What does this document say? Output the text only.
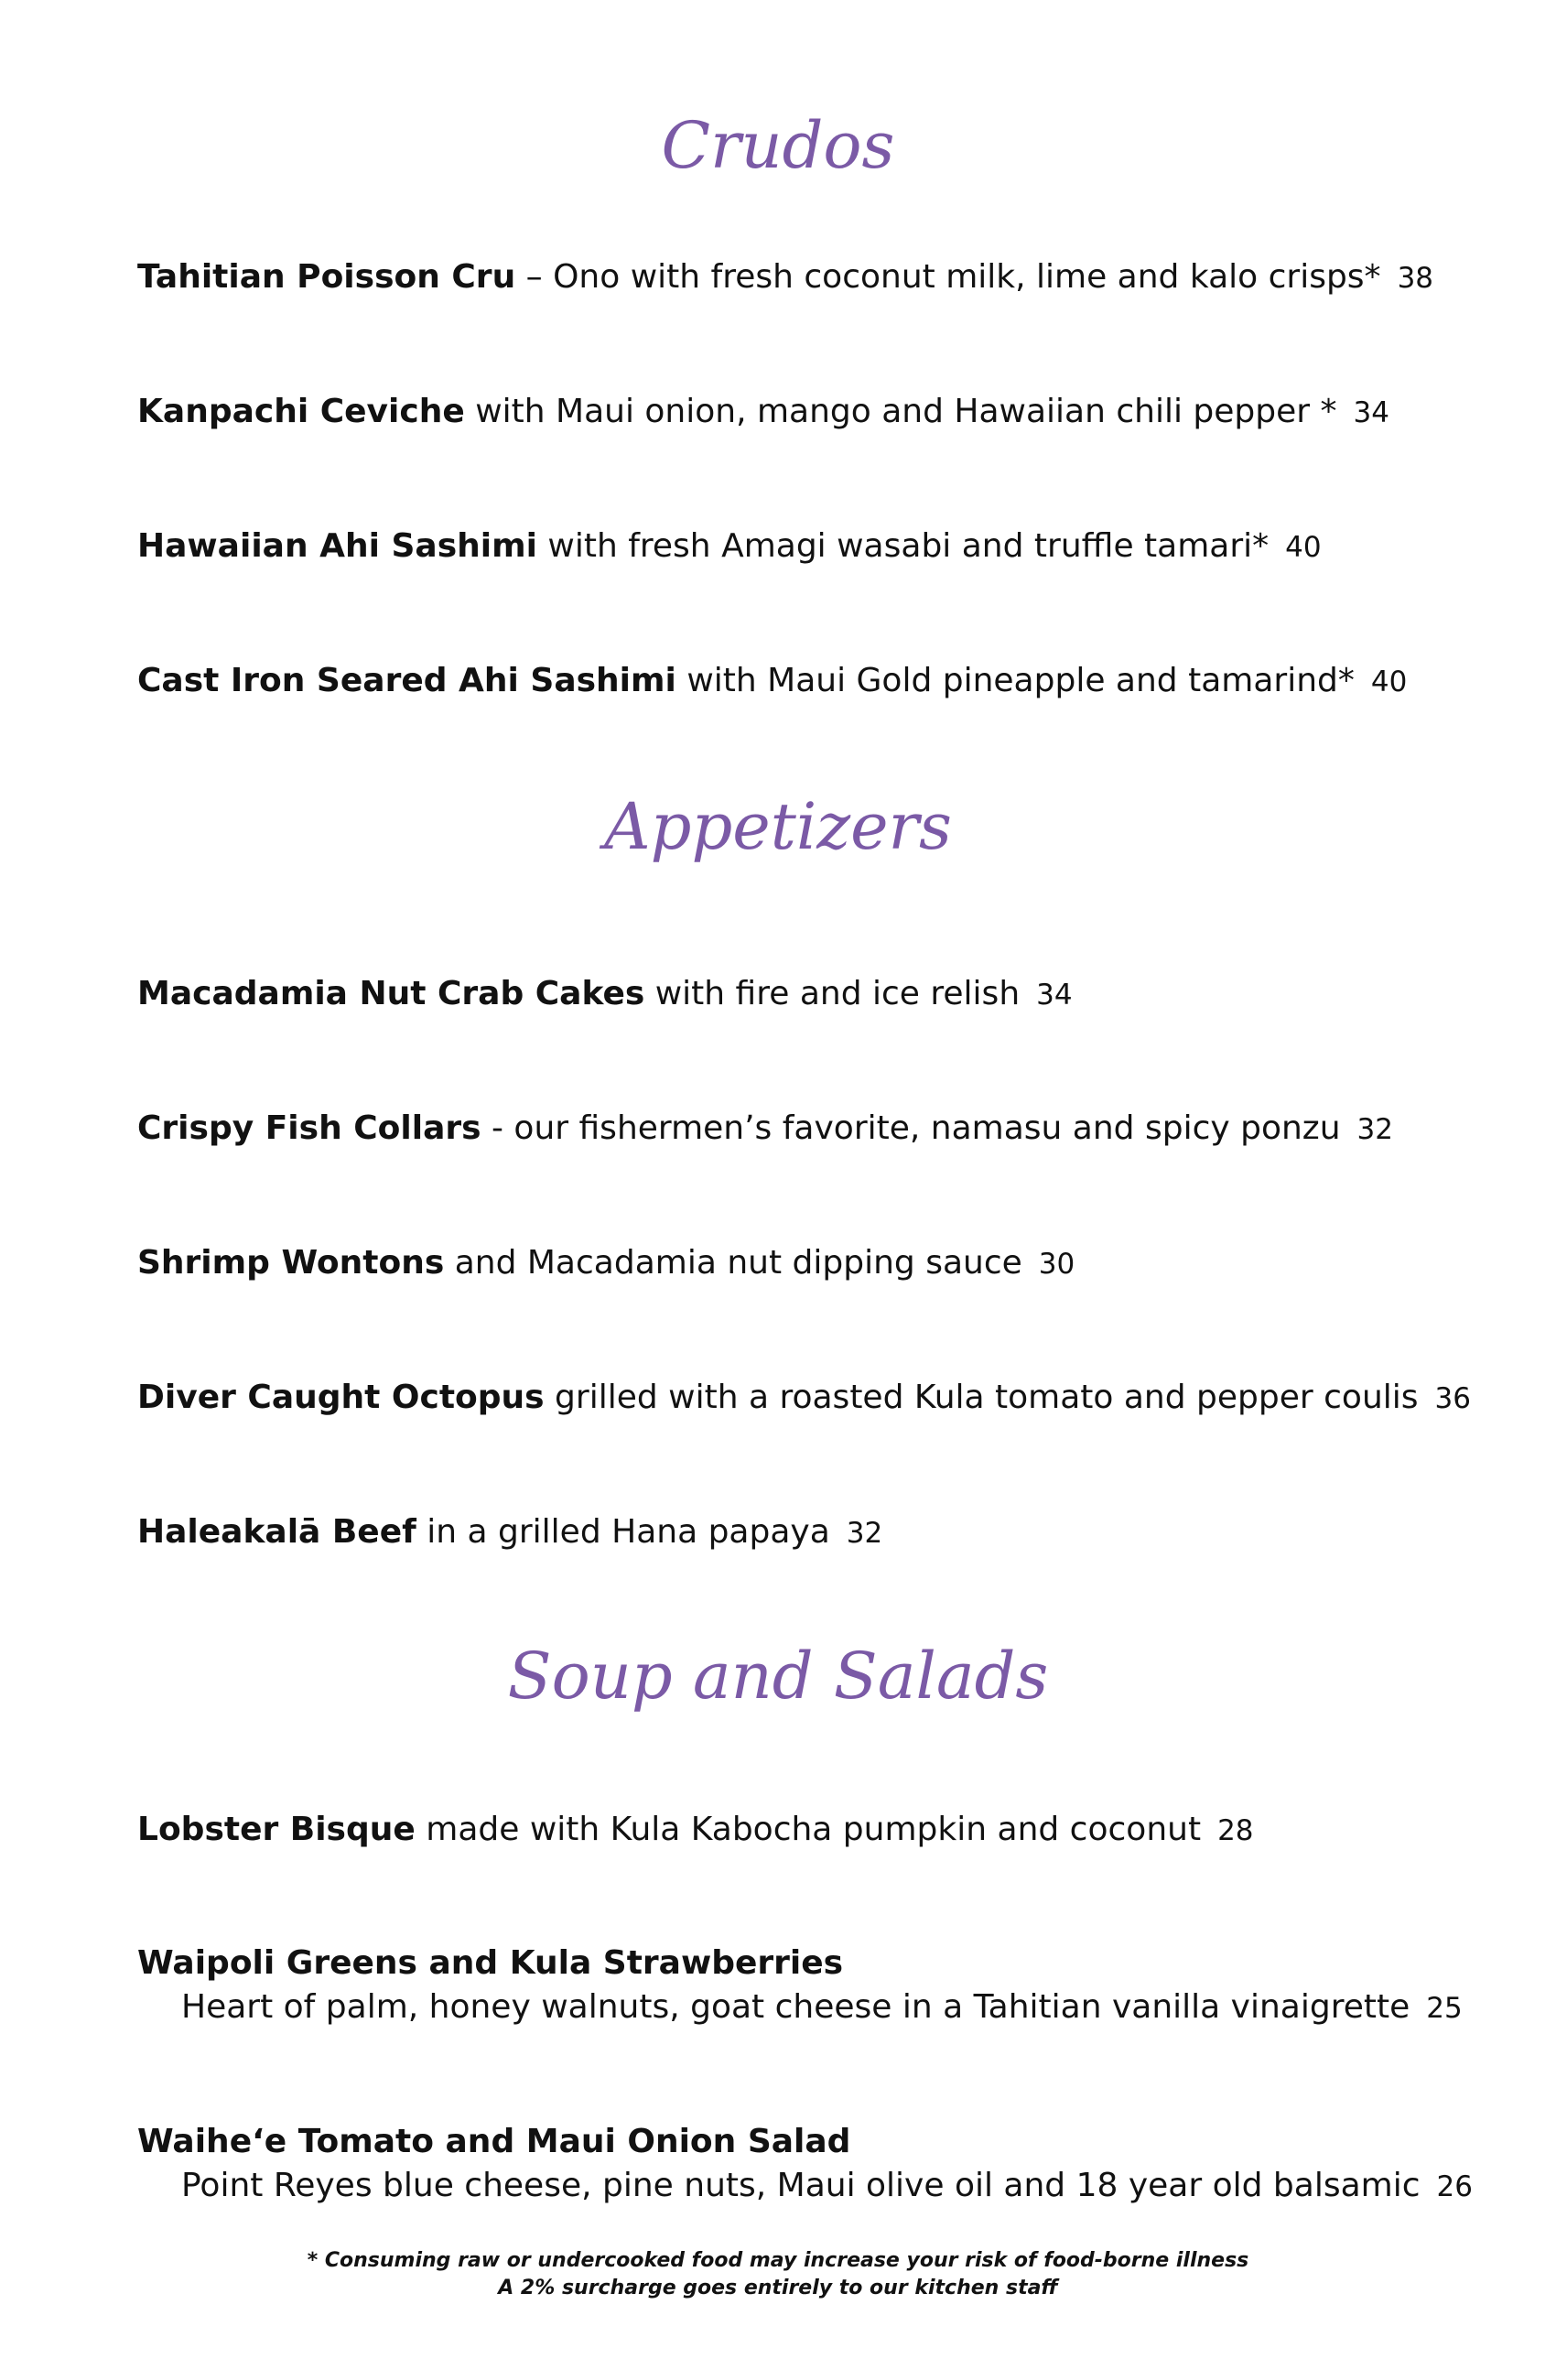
Crudos
Tahitian Poisson Cru – Ono with fresh coconut milk, lime and kalo crisps* 38
Kanpachi Ceviche with Maui onion, mango and Hawaiian chili pepper * 34
Hawaiian Ahi Sashimi with fresh Amagi wasabi and truffle tamari* 40
Cast Iron Seared Ahi Sashimi with Maui Gold pineapple and tamarind* 40
Appetizers
Macadamia Nut Crab Cakes with fire and ice relish 34
Crispy Fish Collars - our fishermen’s favorite, namasu and spicy ponzu 32
Shrimp Wontons and Macadamia nut dipping sauce 30
Diver Caught Octopus grilled with a roasted Kula tomato and pepper coulis 36
Haleakalā Beef in a grilled Hana papaya 32
Soup and Salads
Lobster Bisque made with Kula Kabocha pumpkin and coconut 28
Waipoli Greens and Kula Strawberries
Heart of palm, honey walnuts, goat cheese in a Tahitian vanilla vinaigrette 25
Waihe‘e Tomato and Maui Onion Salad
Point Reyes blue cheese, pine nuts, Maui olive oil and 18 year old balsamic 26
* Consuming raw or undercooked food may increase your risk of food-borne illness
A 2% surcharge goes entirely to our kitchen staff
